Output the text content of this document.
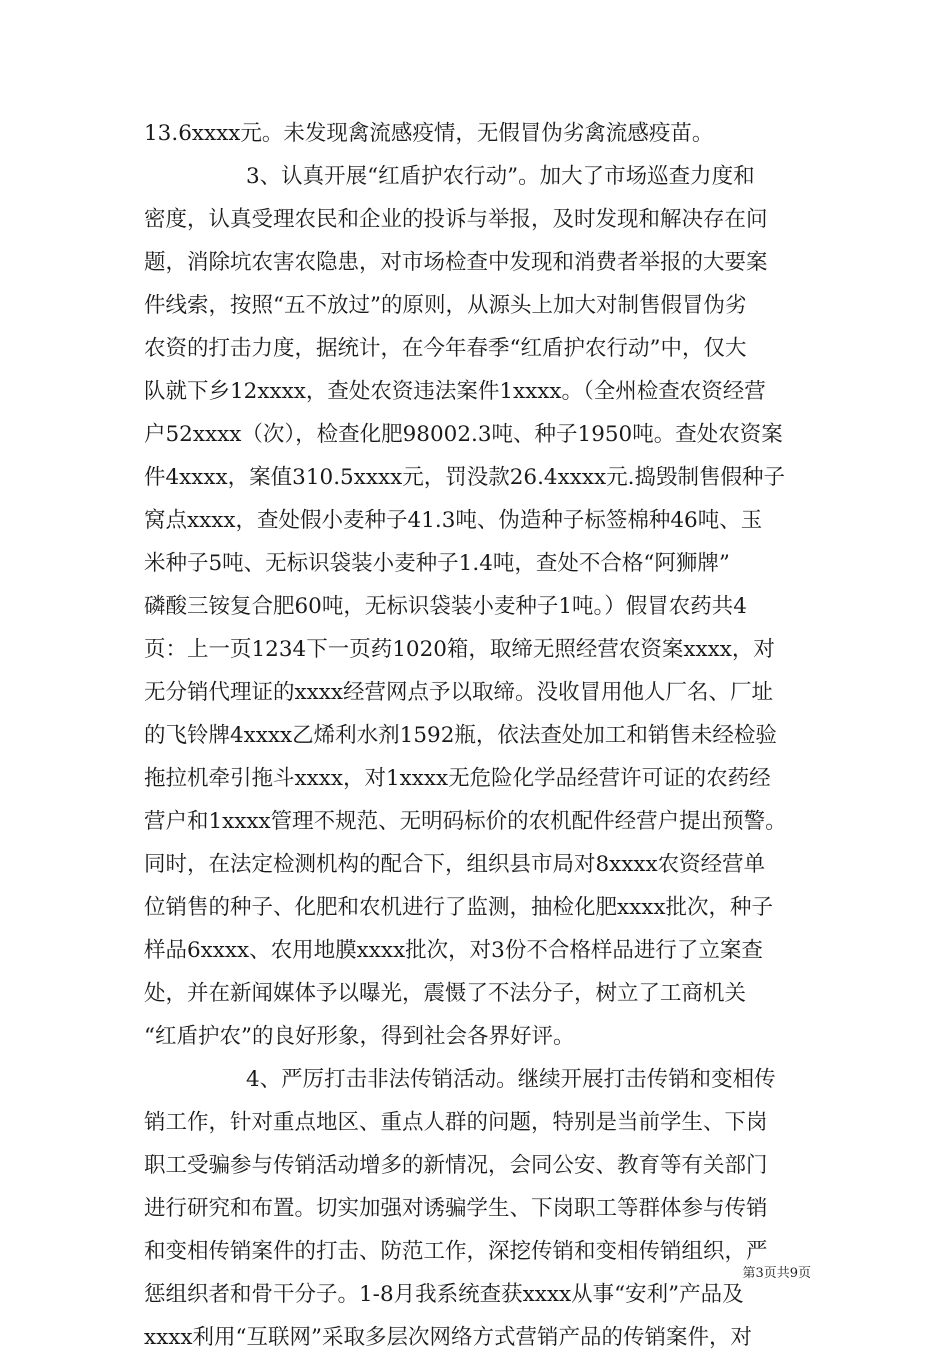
13.6xxxx元。未发现禽流感疫情，无假冒伪劣禽流感疫苗。
3、认真开展“红盾护农行动”。加大了市场巡查力度和
密度，认真受理农民和企业的投诉与举报，及时发现和解决存在问
题，消除坑农害农隐患，对市场检查中发现和消费者举报的大要案
件线索，按照“五不放过”的原则，从源头上加大对制售假冒伪劣
农资的打击力度，据统计，在今年春季“红盾护农行动”中，仅大
队就下乡12xxxx，查处农资违法案件1xxxx。（全州检查农资经营
户52xxxx（次），检查化肥98002.3吨、种子1950吨。查处农资案
件4xxxx，案值310.5xxxx元，罚没款26.4xxxx元.捣毁制售假种子
窝点xxxx，查处假小麦种子41.3吨、伪造种子标签棉种46吨、玉
米种子5吨、无标识袋装小麦种子1.4吨，查处不合格“阿狮牌”
磷酸三铵复合肥60吨，无标识袋装小麦种子1吨。）假冒农药共4
页：上一页1234下一页药1020箱，取缔无照经营农资案xxxx，对
无分销代理证的xxxx经营网点予以取缔。没收冒用他人厂名、厂址
的飞铃牌4xxxx乙烯利水剂1592瓶，依法查处加工和销售未经检验
拖拉机牵引拖斗xxxx，对1xxxx无危险化学品经营许可证的农药经
营户和1xxxx管理不规范、无明码标价的农机配件经营户提出预警。
同时，在法定检测机构的配合下，组织县市局对8xxxx农资经营单
位销售的种子、化肥和农机进行了监测，抽检化肥xxxx批次，种子
样品6xxxx、农用地膜xxxx批次，对3份不合格样品进行了立案查
处，并在新闻媒体予以曝光，震慑了不法分子，树立了工商机关
“红盾护农”的良好形象，得到社会各界好评。
4、严厉打击非法传销活动。继续开展打击传销和变相传
销工作，针对重点地区、重点人群的问题，特别是当前学生、下岗
职工受骗参与传销活动增多的新情况，会同公安、教育等有关部门
进行研究和布置。切实加强对诱骗学生、下岗职工等群体参与传销
和变相传销案件的打击、防范工作，深挖传销和变相传销组织，严
惩组织者和骨干分子。1-8月我系统查获xxxx从事“安利”产品及
xxxx利用“互联网”采取多层次网络方式营销产品的传销案件，对
第3页共9页
